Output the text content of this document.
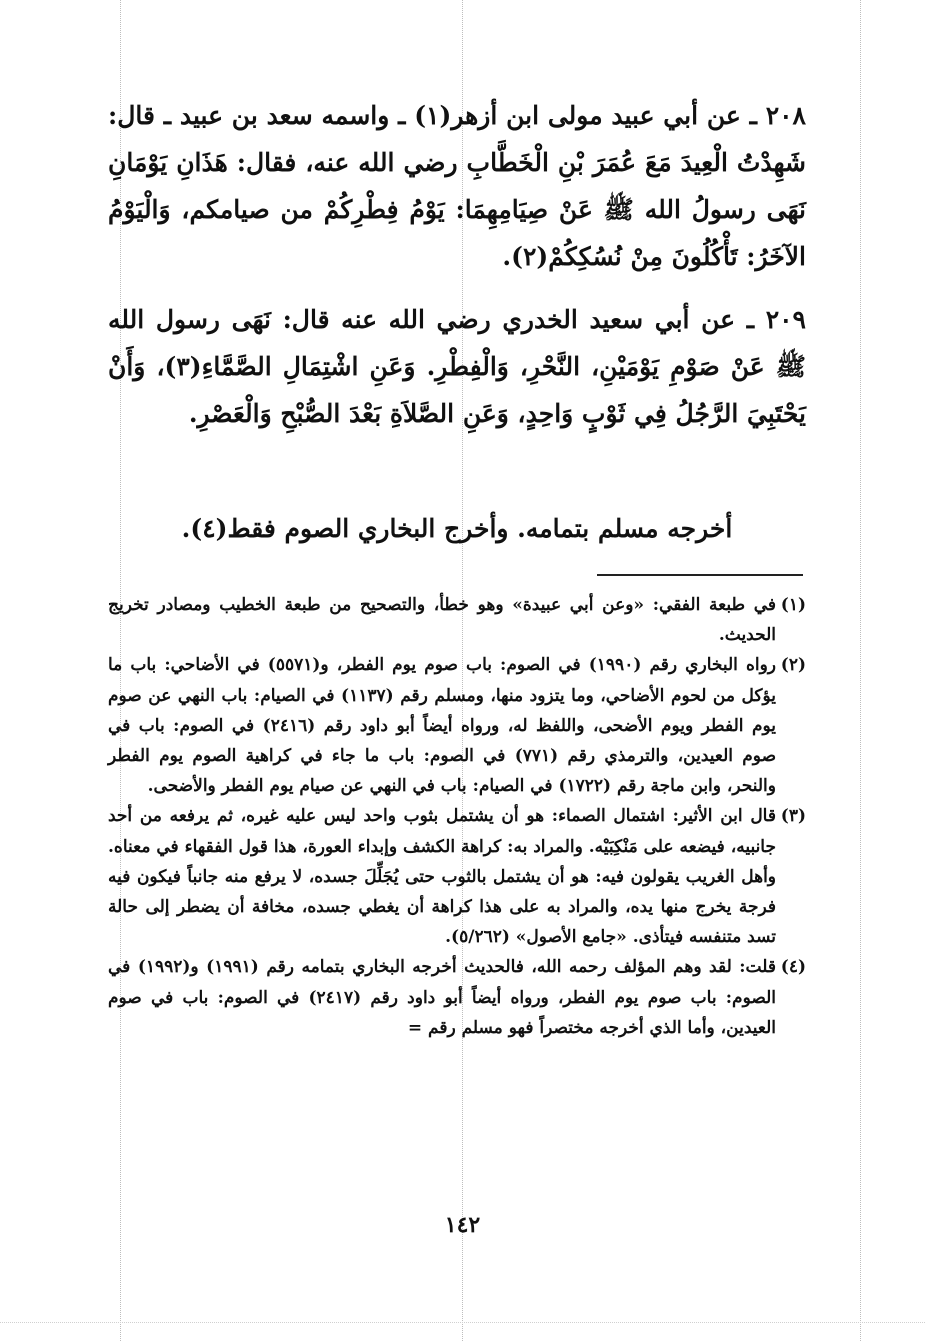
٢٠٨ ـ عن أبي عبيد مولى ابن أزهر(١) ـ واسمه سعد بن عبيد ـ قال: شَهِدْتُ الْعِيدَ مَعَ عُمَرَ بْنِ الْخَطَّابِ رضي الله عنه، فقال: هَذَانِ يَوْمَانِ نَهَى رسولُ الله ﷺ عَنْ صِيَامِهِمَا: يَوْمُ فِطْرِكُمْ من صيامكم، وَالْيَوْمُ الآخَرُ: تَأْكُلُونَ مِنْ نُسُكِكُمْ(٢).

٢٠٩ ـ عن أبي سعيد الخدري رضي الله عنه قال: نَهَى رسول الله ﷺ عَنْ صَوْمِ يَوْمَيْنِ، النَّحْرِ، وَالْفِطْرِ. وَعَنِ اشْتِمَالِ الصَّمَّاءِ(٣)، وَأَنْ يَحْتَبِيَ الرَّجُلُ فِي ثَوْبٍ وَاحِدٍ، وَعَنِ الصَّلاَةِ بَعْدَ الصُّبْحِ وَالْعَصْرِ.

أخرجه مسلم بتمامه. وأخرج البخاري الصوم فقط(٤).

(١)
في طبعة الفقي: «وعن أبي عبيدة» وهو خطأ، والتصحيح من طبعة الخطيب ومصادر تخريج الحديث.

(٢)
رواه البخاري رقم (١٩٩٠) في الصوم: باب صوم يوم الفطر، و(٥٥٧١) في الأضاحي: باب ما يؤكل من لحوم الأضاحي، وما يتزود منها، ومسلم رقم (١١٣٧) في الصيام: باب النهي عن صوم يوم الفطر ويوم الأضحى، واللفظ له، ورواه أيضاً أبو داود رقم (٢٤١٦) في الصوم: باب في صوم العيدين، والترمذي رقم (٧٧١) في الصوم: باب ما جاء في كراهية الصوم يوم الفطر والنحر، وابن ماجة رقم (١٧٢٢) في الصيام: باب في النهي عن صيام يوم الفطر والأضحى.

(٣)
قال ابن الأثير: اشتمال الصماء: هو أن يشتمل بثوب واحد ليس عليه غيره، ثم يرفعه من أحد جانبيه، فيضعه على مَنْكِبَيْه. والمراد به: كراهة الكشف وإبداء العورة، هذا قول الفقهاء في معناه. وأهل الغريب يقولون فيه: هو أن يشتمل بالثوب حتى يُجَلِّلَ جسده، لا يرفع منه جانباً فيكون فيه فرجة يخرج منها يده، والمراد به على هذا كراهة أن يغطي جسده، مخافة أن يضطر إلى حالة تسد متنفسه فيتأذى. «جامع الأصول» (٥/٢٦٢).

(٤)
قلت: لقد وهم المؤلف رحمه الله، فالحديث أخرجه البخاري بتمامه رقم (١٩٩١) و(١٩٩٢) في الصوم: باب صوم يوم الفطر، ورواه أيضاً أبو داود رقم (٢٤١٧) في الصوم: باب في صوم العيدين، وأما الذي أخرجه مختصراً فهو مسلم رقم =

١٤٢
